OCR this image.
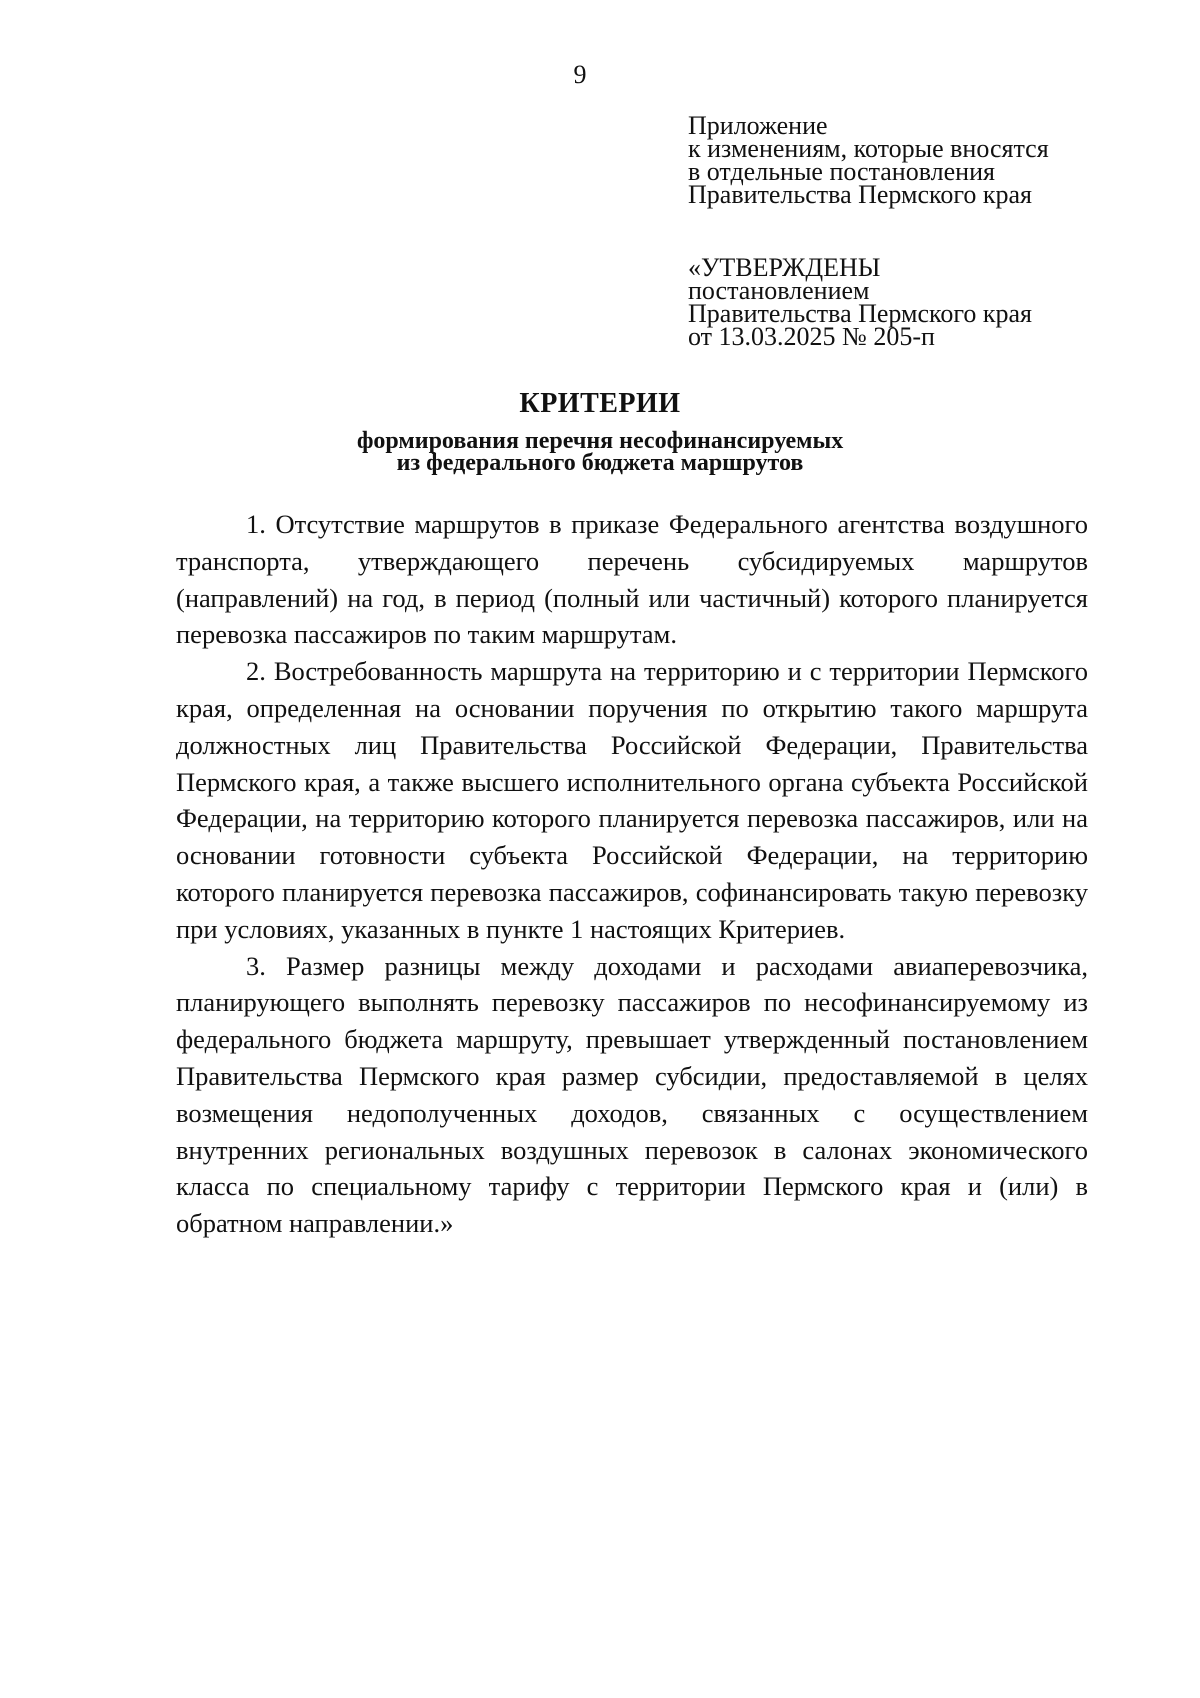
9
Приложение
к изменениям, которые вносятся
в отдельные постановления
Правительства Пермского края
«УТВЕРЖДЕНЫ
постановлением
Правительства Пермского края
от 13.03.2025 № 205-п
КРИТЕРИИ
формирования перечня несофинансируемых
из федерального бюджета маршрутов

1. Отсутствие маршрутов в приказе Федерального агентства воздушного транспорта, утверждающего перечень субсидируемых маршрутов (направлений) на год, в период (полный или частичный) которого планируется перевозка пассажиров по таким маршрутам.

2. Востребованность маршрута на территорию и с территории Пермского края, определенная на основании поручения по открытию такого маршрута должностных лиц Правительства Российской Федерации, Правительства Пермского края, а также высшего исполнительного органа субъекта Российской Федерации, на территорию которого планируется перевозка пассажиров, или на основании готовности субъекта Российской Федерации, на территорию которого планируется перевозка пассажиров, софинансировать такую перевозку при условиях, указанных в пункте 1 настоящих Критериев.

3. Размер разницы между доходами и расходами авиаперевозчика, планирующего выполнять перевозку пассажиров по несофинансируемому из федерального бюджета маршруту, превышает утвержденный постановлением Правительства Пермского края размер субсидии, предоставляемой в целях возмещения недополученных доходов, связанных с осуществлением внутренних региональных воздушных перевозок в салонах экономического класса по специальному тарифу с территории Пермского края и (или) в обратном направлении.»
